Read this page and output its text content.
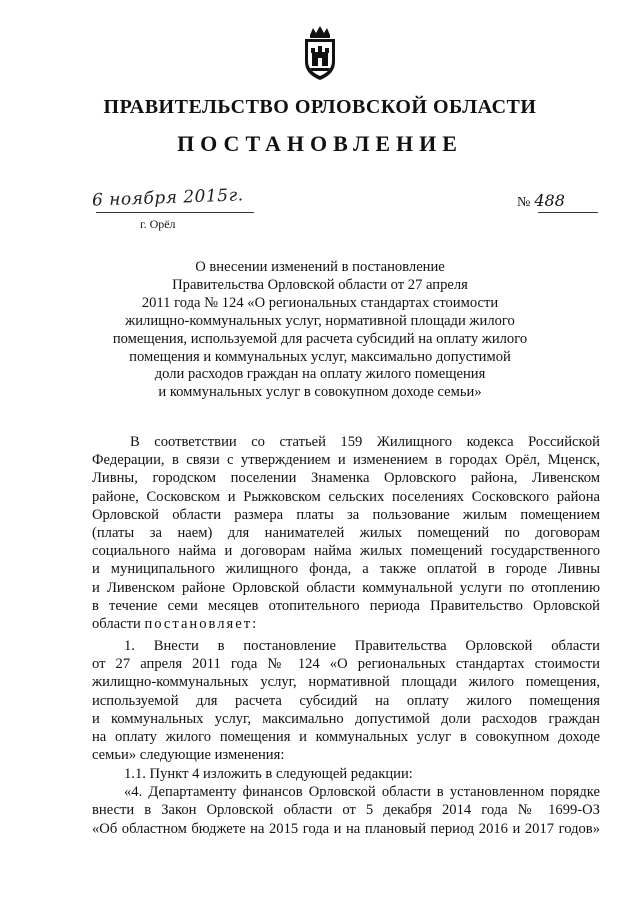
ПРАВИТЕЛЬСТВО ОРЛОВСКОЙ ОБЛАСТИ
ПОСТАНОВЛЕНИЕ
6 ноября 2015г.
г. Орёл
№ 488
О внесении изменений в постановление
Правительства Орловской области от 27 апреля
2011 года № 124 «О региональных стандартах стоимости
жилищно-коммунальных услуг, нормативной площади жилого
помещения, используемой для расчета субсидий на оплату жилого
помещения и коммунальных услуг, максимально допустимой
доли расходов граждан на оплату жилого помещения
и коммунальных услуг в совокупном доходе семьи»
В соответствии со статьей 159 Жилищного кодекса Российской
Федерации, в связи с утверждением и изменением в городах Орёл, Мценск,
Ливны, городском поселении Знаменка Орловского района, Ливенском
районе, Сосковском и Рыжковском сельских поселениях Сосковского района
Орловской области размера платы за пользование жилым помещением
(платы за наем) для нанимателей жилых помещений по договорам
социального найма и договорам найма жилых помещений государственного
и муниципального жилищного фонда, а также оплатой в городе Ливны
и Ливенском районе Орловской области коммунальной услуги по отоплению
в течение семи месяцев отопительного периода Правительство Орловской
области постановляет:
1. Внести в постановление Правительства Орловской области
от 27 апреля 2011 года № 124 «О региональных стандартах стоимости
жилищно-коммунальных услуг, нормативной площади жилого помещения,
используемой для расчета субсидий на оплату жилого помещения
и коммунальных услуг, максимально допустимой доли расходов граждан
на оплату жилого помещения и коммунальных услуг в совокупном доходе
семьи» следующие изменения:
1.1. Пункт 4 изложить в следующей редакции:
«4. Департаменту финансов Орловской области в установленном порядке
внести в Закон Орловской области от 5 декабря 2014 года № 1699-ОЗ
«Об областном бюджете на 2015 года и на плановый период 2016 и 2017 годов»
